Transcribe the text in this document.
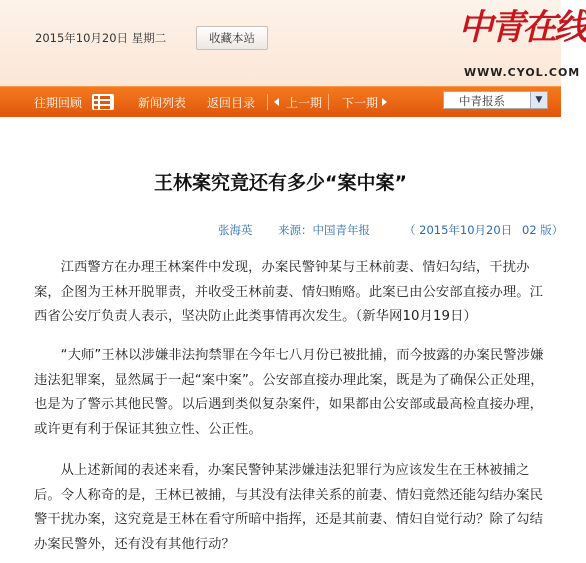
2015年10月20日 星期二	收藏本站	中青在线
WWW.CYOL.COM
往期回顾	新闻列表 返回目录	上一期 下一期	中青报系	▼
王林案究竟还有多少“案中案”
张海英 来源：中国青年报	（ 2015年10月20日 02 版）

江西警方在办理王林案件中发现，办案民警钟某与王林前妻、情妇勾结，干扰办案，企图为王林开脱罪责，并收受王林前妻、情妇贿赂。此案已由公安部直接办理。江西省公安厅负责人表示，坚决防止此类事情再次发生。（新华网10月19日）

“大师”王林以涉嫌非法拘禁罪在今年七八月份已被批捕，而今披露的办案民警涉嫌违法犯罪案，显然属于一起“案中案”。公安部直接办理此案，既是为了确保公正处理，也是为了警示其他民警。以后遇到类似复杂案件，如果都由公安部或最高检直接办理，或许更有利于保证其独立性、公正性。

从上述新闻的表述来看，办案民警钟某涉嫌违法犯罪行为应该发生在王林被捕之后。令人称奇的是，王林已被捕，与其没有法律关系的前妻、情妇竟然还能勾结办案民警干扰办案，这究竟是王林在看守所暗中指挥，还是其前妻、情妇自觉行动？除了勾结办案民警外，还有没有其他行动？
